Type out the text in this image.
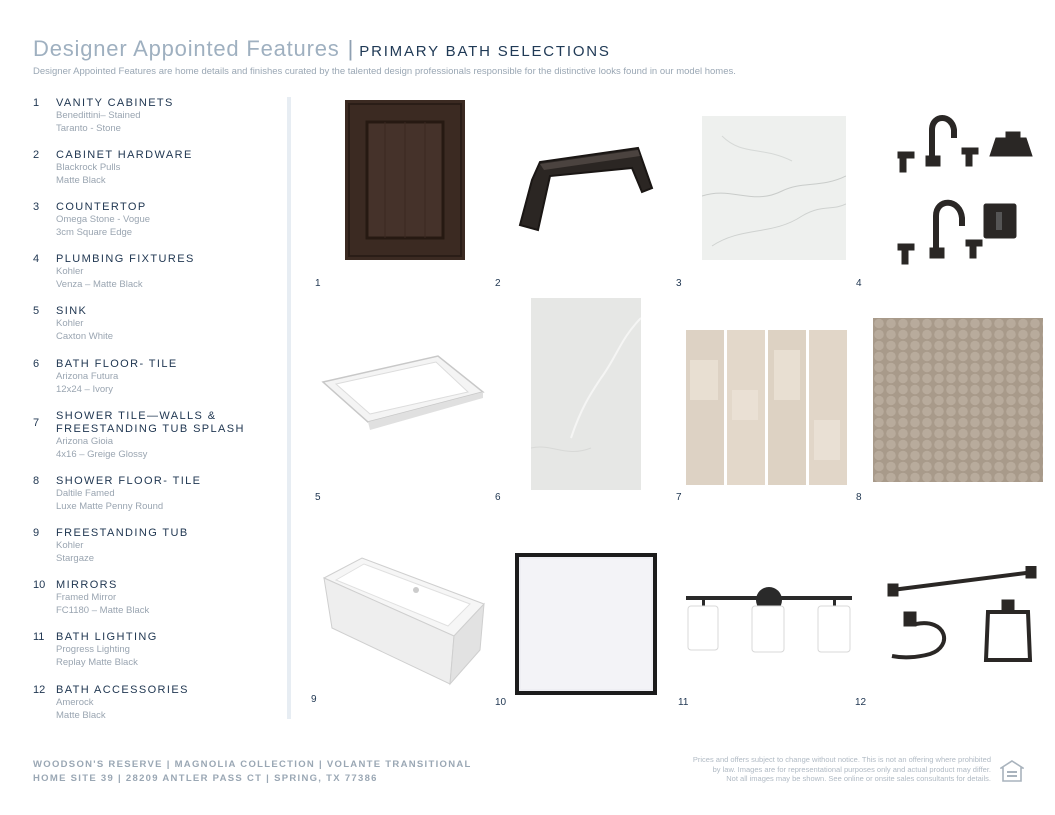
Designer Appointed Features | PRIMARY BATH SELECTIONS
Designer Appointed Features are home details and finishes curated by the talented design professionals responsible for the distinctive looks found in our model homes.
1	VANITY CABINETS
Benedittini– Stained
Taranto - Stone
2	CABINET HARDWARE
Blackrock Pulls
Matte Black
3	COUNTERTOP
Omega Stone - Vogue
3cm Square Edge
4	PLUMBING FIXTURES
Kohler
Venza – Matte Black
5	SINK
Kohler
Caxton White
6	BATH FLOOR- TILE
Arizona Futura
12x24 – Ivory
7
SHOWER TILE—WALLS &
FREESTANDING TUB SPLASH
Arizona Gioia
4x16 – Greige Glossy
8	SHOWER FLOOR- TILE
Daltile Famed
Luxe Matte Penny Round
9	FREESTANDING TUB
Kohler
Stargaze
10 MIRRORS
Framed Mirror
FC1180 – Matte Black
11	BATH LIGHTING
Progress Lighting
Replay Matte Black
12 BATH ACCESSORIES
Amerock
Matte Black
1	2	3	4
5	6	7	8
9	10	11	12
WOODSON'S RESERVE | MAGNOLIA COLLECTION | VOLANTE TRANSITIONAL
HOME SITE 39 | 28209 ANTLER PASS CT | SPRING, TX 77386
Prices and offers subject to change without notice. This is not an offering where prohibited
by law. Images are for representational purposes only and actual product may differ.
Not all images may be shown. See online or onsite sales consultants for details.
